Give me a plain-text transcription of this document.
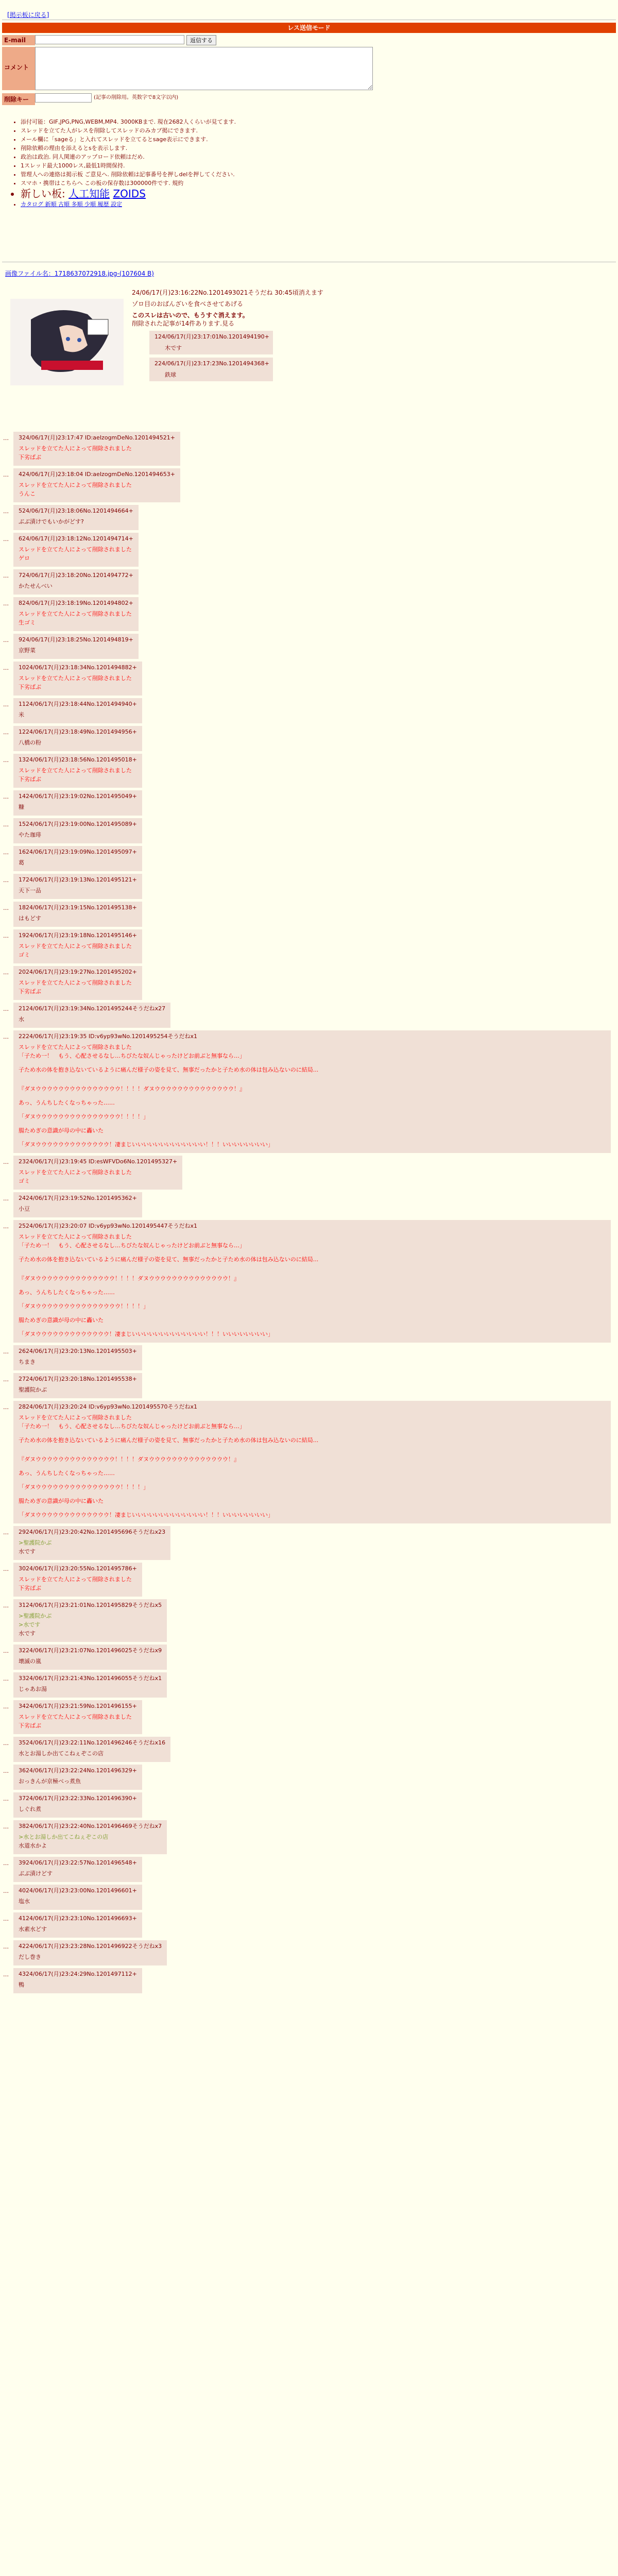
[掲示板に戻る]
レス送信モード
E-mail	返信する
コメント
削除キー	(記事の削除用。英数字で8文字以内)
• 添付可能：GIF,JPG,PNG,WEBM,MP4. 3000KBまで. 現在2682人くらいが見てます.
• スレッドを立てた人がレスを削除してスレッドのみカブ掲にできます.
• メール欄に「sageる」と入れてスレッドを立てるとsage表示にできます.
• 削除依頼の理由を添えるとsを表示します.
• 政治は政治. 同人関連のアップロード依頼はだめ.
• 1スレッド最大1000レス,最低1時間保持.
• 管理人への連絡は掲示板 ご意見へ. 削除依頼は記事番号を押しdelを押してください.
• スマホ・携帯はこちらへ この板の保存数は300000件です. 規約
• 新しい板: 人工知能 ZOIDS
• カタログ 新順 古順 多順 少順 履歴 設定
画像ファイル名：1718637072918.jpg-(107604 B)
24/06/17(月)23:16:22No.1201493021そうだね 30:45頃消えます
ゾロ目のおばんざいを食べさせてあげる
このスレは古いので、もうすぐ消えます。
削除された記事が14件あります.見る
124/06/17(月)23:17:01No.1201494190+
木です
224/06/17(月)23:17:23No.1201494368+
鉄球
…	324/06/17(月)23:17:47 ID:aeIzogmDeNo.1201494521+
スレッドを立てた人によって削除されました
下劣ばぶ
…	424/06/17(月)23:18:04 ID:aeIzogmDeNo.1201494653+
スレッドを立てた人によって削除されました
うんこ
…	524/06/17(月)23:18:06No.1201494664+
ぶぶ漬けでもいかがどす?
…	624/06/17(月)23:18:12No.1201494714+
スレッドを立てた人によって削除されました
ゲロ
…	724/06/17(月)23:18:20No.1201494772+
かたせんべい
…	824/06/17(月)23:18:19No.1201494802+
スレッドを立てた人によって削除されました
生ゴミ
…	924/06/17(月)23:18:25No.1201494819+
京野菜
…	1024/06/17(月)23:18:34No.1201494882+
スレッドを立てた人によって削除されました
下劣ばぶ
…	1124/06/17(月)23:18:44No.1201494940+
米
…	1224/06/17(月)23:18:49No.1201494956+
八橋の粉
…	1324/06/17(月)23:18:56No.1201495018+
スレッドを立てた人によって削除されました
下劣ばぶ
…	1424/06/17(月)23:19:02No.1201495049+
糠
…	1524/06/17(月)23:19:00No.1201495089+
やた珈琲
…	1624/06/17(月)23:19:09No.1201495097+
葛
…	1724/06/17(月)23:19:13No.1201495121+
天下一品
…	1824/06/17(月)23:19:15No.1201495138+
はもどす
…	1924/06/17(月)23:19:18No.1201495146+
スレッドを立てた人によって削除されました
ゴミ
…	2024/06/17(月)23:19:27No.1201495202+
スレッドを立てた人によって削除されました
下劣ばぶ
…	2124/06/17(月)23:19:34No.1201495244そうだねx27
水
…	2224/06/17(月)23:19:35 ID:v6yp93wNo.1201495254そうだねx1
スレッドを立てた人によって削除されました
「子ため一！　もう、心配させるなし…ちびたな奴んじゃったけどお前ぶと無事なら…」
子ため水の体を抱き込ないているように痛んだ様子の姿を見て、無事だったかと子ため水の体は包み込ないのに結局...
『ダヌウウウウウウウウウウウウウウウ！！！！ダヌウウウウウウウウウウウウウウ！』
あっ、うんちしたくなっちゃった……
「ダヌウウウウウウウウウウウウウウウ！！！！」
腸ためぎの意識が母の中に轟いた
「ダヌウウウウウウウウウウウウウ！凄まじいいいいいいいいいいいいい！！！いいいいいいいい」
…	2324/06/17(月)23:19:45 ID:esWFVDo6No.1201495327+
スレッドを立てた人によって削除されました
ゴミ
…	2424/06/17(月)23:19:52No.1201495362+
小豆
…	2524/06/17(月)23:20:07 ID:v6yp93wNo.1201495447そうだねx1
スレッドを立てた人によって削除されました
「子ため一！　もう、心配させるなし…ちびたな奴んじゃったけどお前ぶと無事なら…」
子ため水の体を抱き込ないているように痛んだ様子の姿を見て、無事だったかと子ため水の体は包み込ないのに結局...
『ダヌウウウウウウウウウウウウウウ！！！！ダヌウウウウウウウウウウウウウウ！』
あっ、うんちしたくなっちゃった……
「ダヌウウウウウウウウウウウウウウウ！！！！」
腸ためぎの意識が母の中に轟いた
「ダヌウウウウウウウウウウウウウ！凄まじいいいいいいいいいいいいい！！！いいいいいいいい」
…	2624/06/17(月)23:20:13No.1201495503+
ちまき
…	2724/06/17(月)23:20:18No.1201495538+
聖護院かぶ
…	2824/06/17(月)23:20:24 ID:v6yp93wNo.1201495570そうだねx1
スレッドを立てた人によって削除されました
「子ため一！　もう、心配させるなし…ちびたな奴んじゃったけどお前ぶと無事なら…」
子ため水の体を抱き込ないているように痛んだ様子の姿を見て、無事だったかと子ため水の体は包み込ないのに結局...
『ダヌウウウウウウウウウウウウウウ！！！！ダヌウウウウウウウウウウウウウウ！』
あっ、うんちしたくなっちゃった……
「ダヌウウウウウウウウウウウウウウウ！！！！」
腸ためぎの意識が母の中に轟いた
「ダヌウウウウウウウウウウウウウ！凄まじいいいいいいいいいいいいい！！！いいいいいいいい」
…	2924/06/17(月)23:20:42No.1201495696そうだねx23
>聖護院かぶ
水です
…	3024/06/17(月)23:20:55No.1201495786+
スレッドを立てた人によって削除されました
下劣ばぶ
…	3124/06/17(月)23:21:01No.1201495829そうだねx5
>聖護院かぶ
>水です
水です
…	3224/06/17(月)23:21:07No.1201496025そうだねx9
壊滅の嵐
…	3324/06/17(月)23:21:43No.1201496055そうだねx1
じゃあお湯
…	3424/06/17(月)23:21:59No.1201496155+
スレッドを立てた人によって削除されました
下劣ばぶ
…	3524/06/17(月)23:22:11No.1201496246そうだねx16
水とお湯しか出てこねぇぞこの店
…	3624/06/17(月)23:22:24No.1201496329+
おっきんが京極べっ煮魚
…	3724/06/17(月)23:22:33No.1201496390+
しぐれ煮
…	3824/06/17(月)23:22:40No.1201496469そうだねx7
>水とお湯しか出てこねぇぞこの店
水道水かよ
…	3924/06/17(月)23:22:57No.1201496548+
ぶぶ漬けどす
…	4024/06/17(月)23:23:00No.1201496601+
塩水
…	4124/06/17(月)23:23:10No.1201496693+
水素水どす
…	4224/06/17(月)23:23:28No.1201496922そうだねx3
だし巻き
…	4324/06/17(月)23:24:29No.1201497112+
鴨
